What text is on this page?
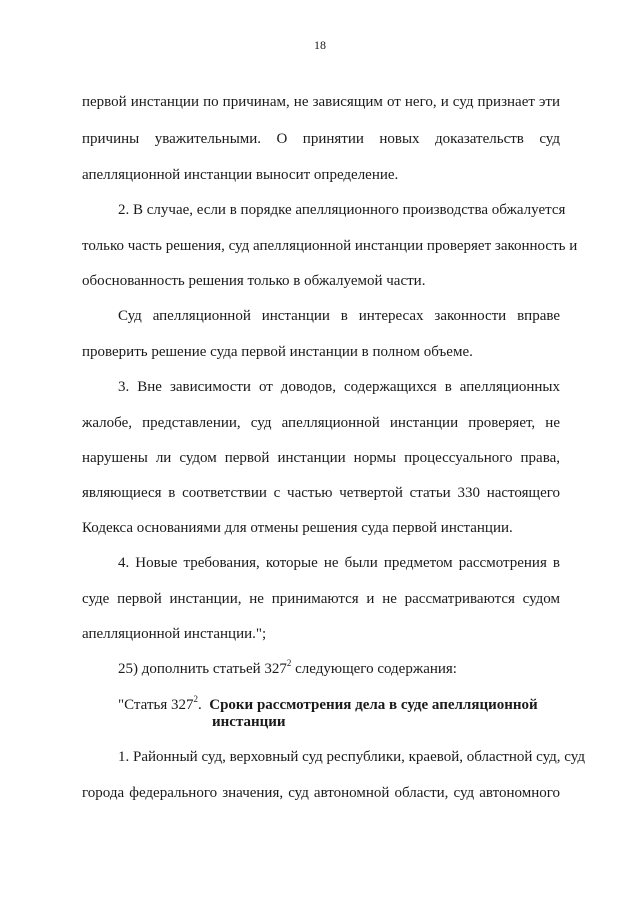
18
первой инстанции по причинам, не зависящим от него, и суд признает эти
причины уважительными. О принятии новых доказательств суд
апелляционной инстанции выносит определение.
2. В случае, если в порядке апелляционного производства обжалуется
только часть решения, суд апелляционной инстанции проверяет законность и
обоснованность решения только в обжалуемой части.
Суд апелляционной инстанции в интересах законности вправе
проверить решение суда первой инстанции в полном объеме.
3. Вне зависимости от доводов, содержащихся в апелляционных
жалобе, представлении, суд апелляционной инстанции проверяет, не
нарушены ли судом первой инстанции нормы процессуального права,
являющиеся в соответствии с частью четвертой статьи 330 настоящего
Кодекса основаниями для отмены решения суда первой инстанции.
4. Новые требования, которые не были предметом рассмотрения в
суде первой инстанции, не принимаются и не рассматриваются судом
апелляционной инстанции.";
25) дополнить статьей $327^2$ следующего содержания:
"Статья $327^2$. Сроки рассмотрения дела в суде апелляционной
инстанции
1. Районный суд, верховный суд республики, краевой, областной суд, суд
города федерального значения, суд автономной области, суд автономного
